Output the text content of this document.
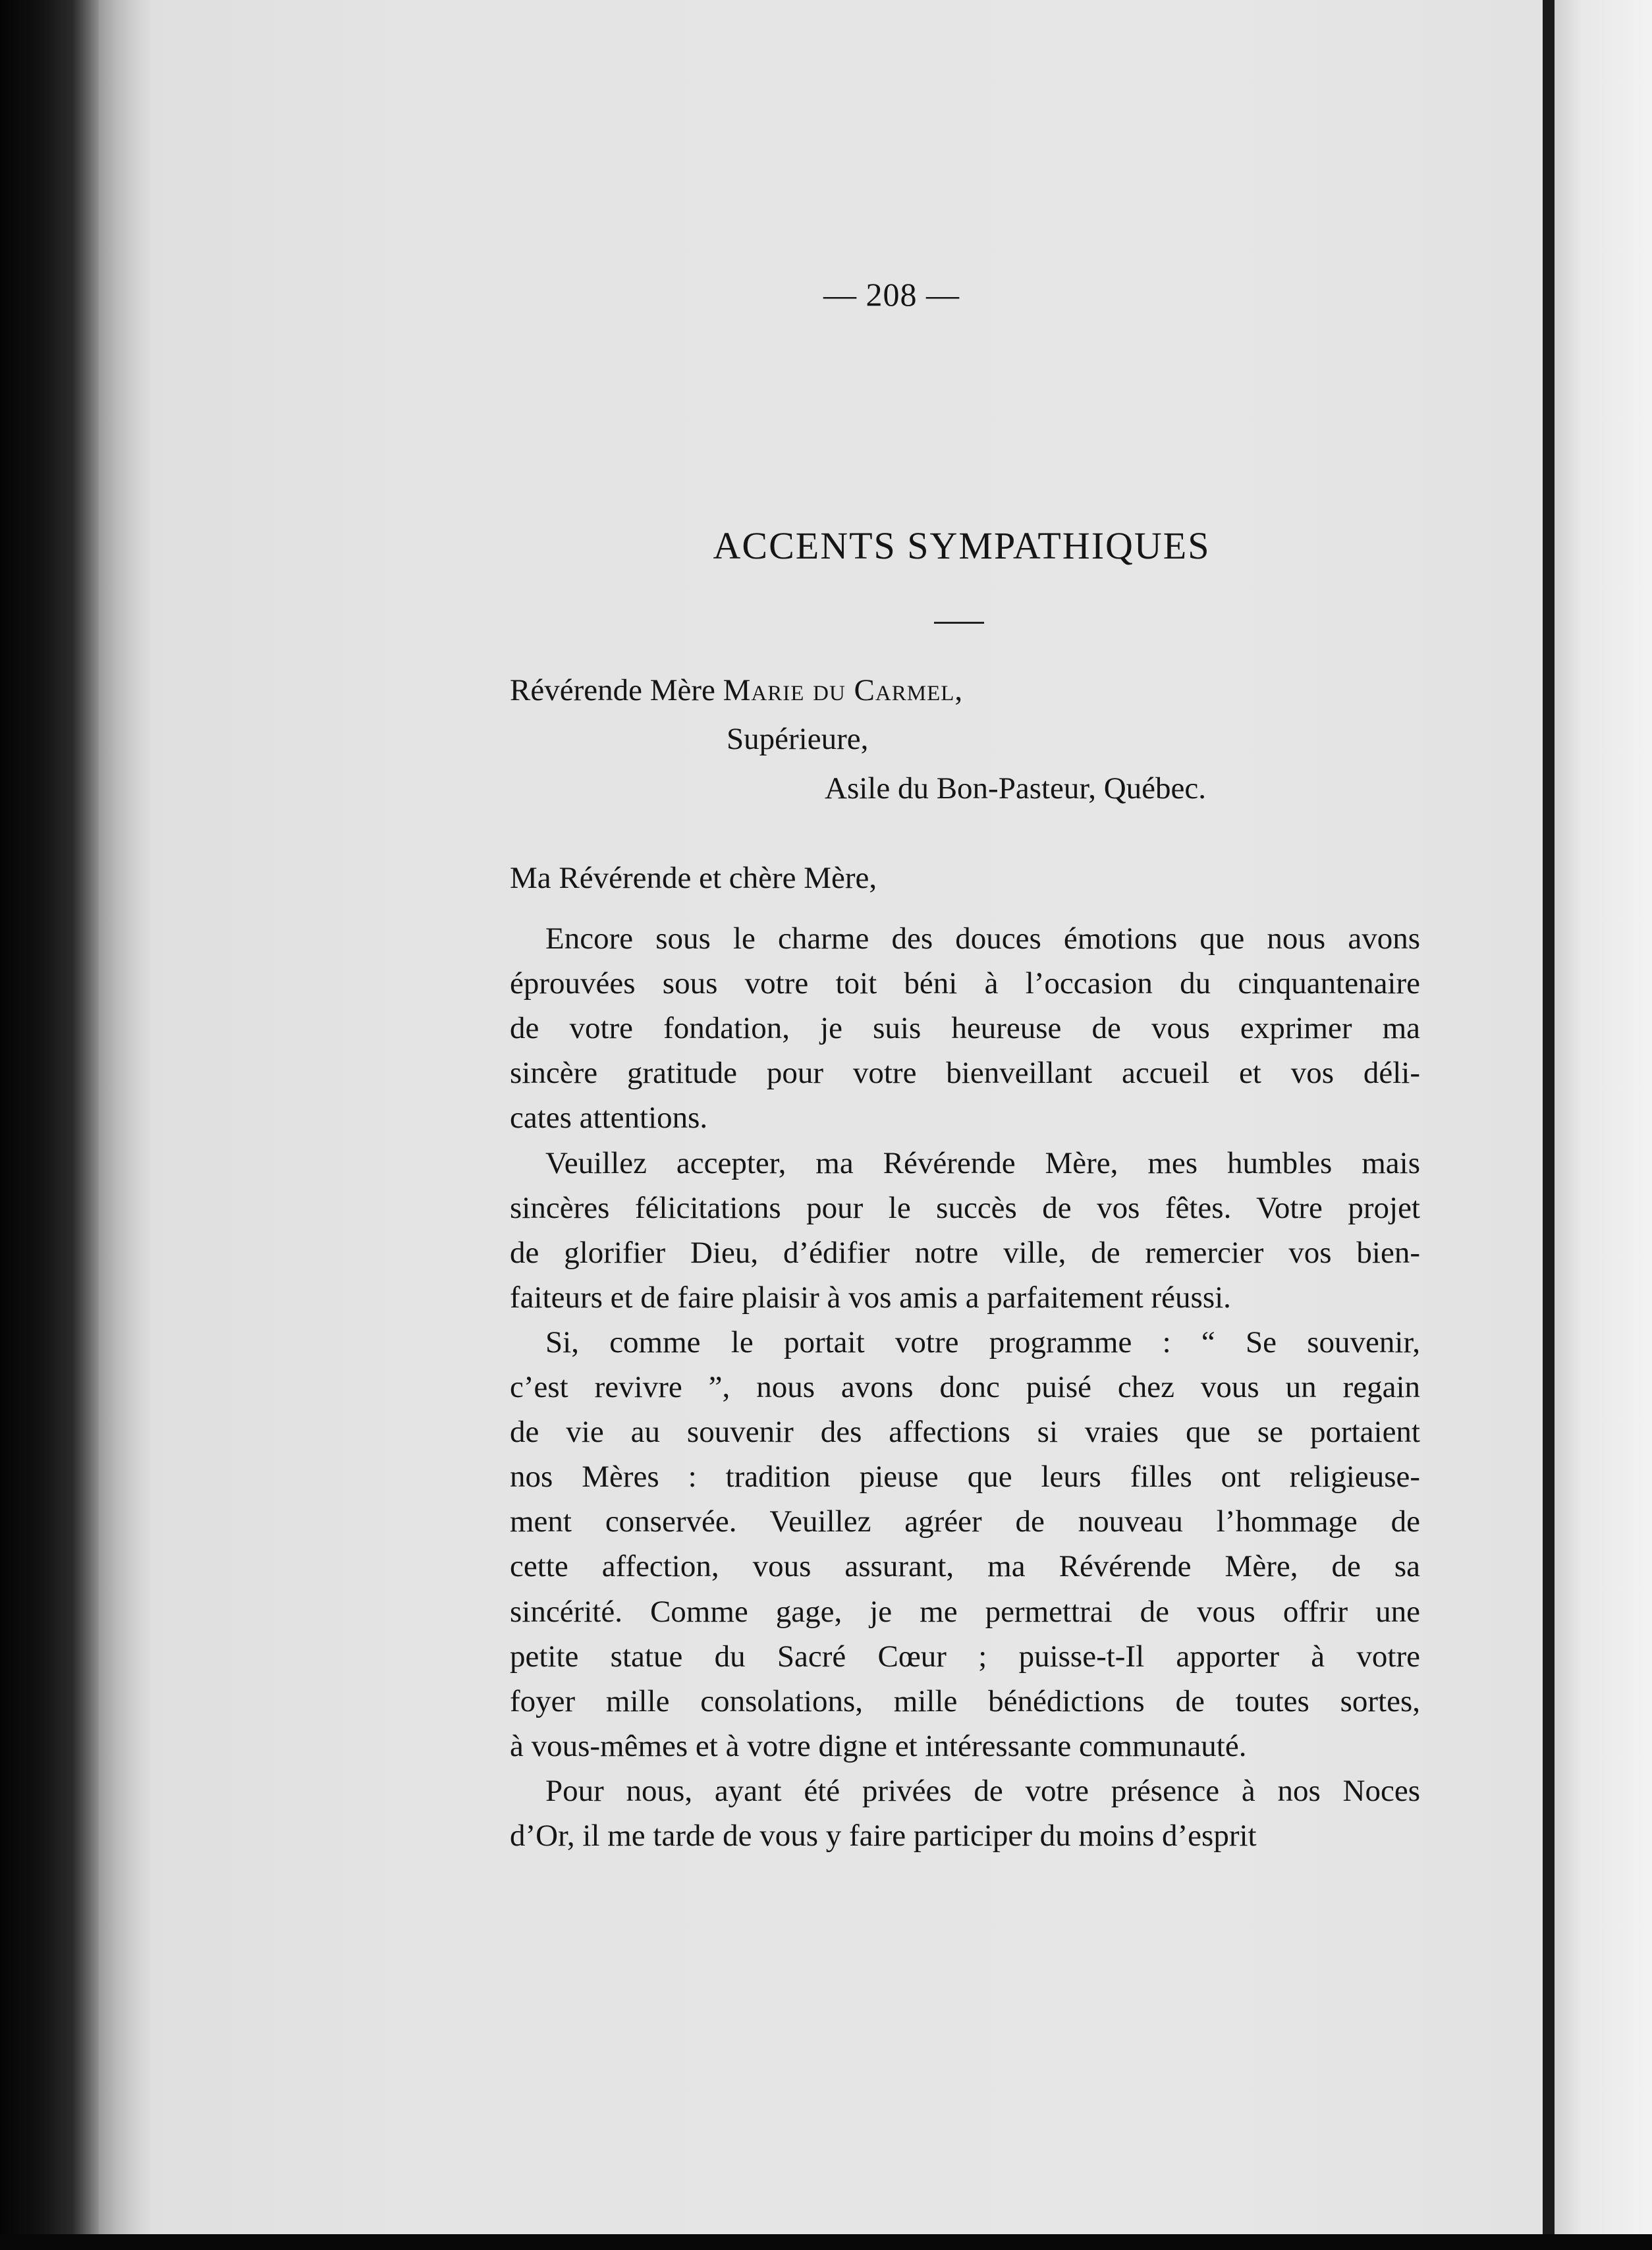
— 208 —
ACCENTS SYMPATHIQUES
Révérende Mère Marie du Carmel,
Supérieure,
Asile du Bon-Pasteur, Québec.
Ma Révérende et chère Mère,
Encore sous le charme des douces émotions que nous avons
éprouvées sous votre toit béni à l’occasion du cinquantenaire
de votre fondation, je suis heureuse de vous exprimer ma
sincère gratitude pour votre bienveillant accueil et vos déli-
cates attentions.
Veuillez accepter, ma Révérende Mère, mes humbles mais
sincères félicitations pour le succès de vos fêtes. Votre projet
de glorifier Dieu, d’édifier notre ville, de remercier vos bien-
faiteurs et de faire plaisir à vos amis a parfaitement réussi.
Si, comme le portait votre programme : “ Se souvenir,
c’est revivre ”, nous avons donc puisé chez vous un regain
de vie au souvenir des affections si vraies que se portaient
nos Mères : tradition pieuse que leurs filles ont religieuse-
ment conservée. Veuillez agréer de nouveau l’hommage de
cette affection, vous assurant, ma Révérende Mère, de sa
sincérité. Comme gage, je me permettrai de vous offrir une
petite statue du Sacré Cœur ; puisse-t-Il apporter à votre
foyer mille consolations, mille bénédictions de toutes sortes,
à vous-mêmes et à votre digne et intéressante communauté.
Pour nous, ayant été privées de votre présence à nos Noces
d’Or, il me tarde de vous y faire participer du moins d’esprit
